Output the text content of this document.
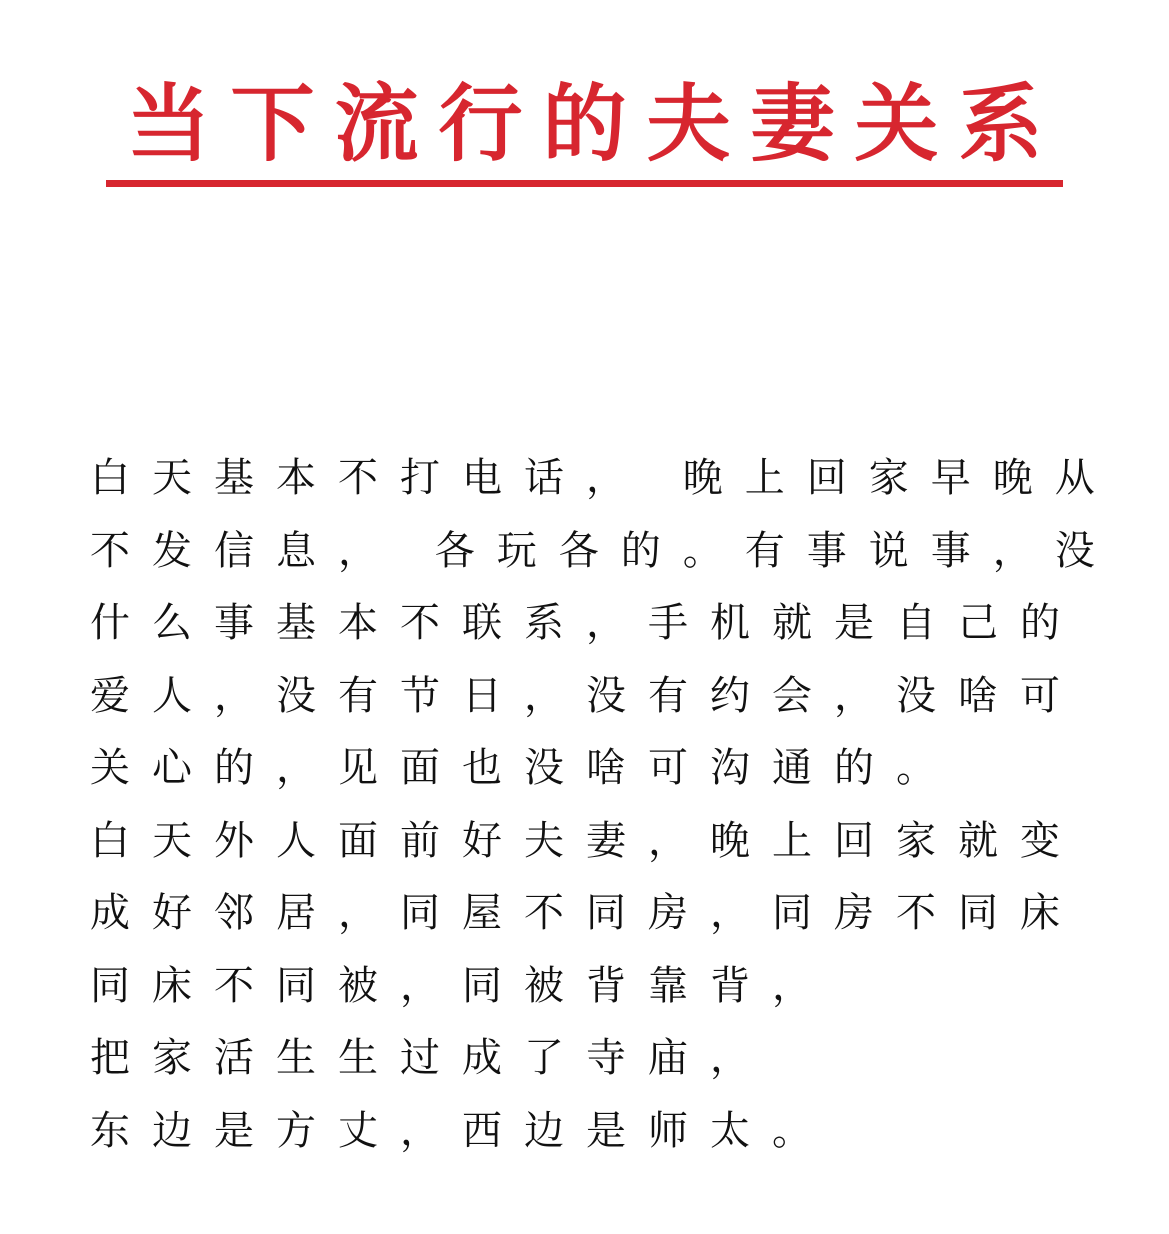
当下流行的夫妻关系
白天基本不打电话， 晚上回家早晚从
不发信息， 各玩各的。有事说事，没
什么事基本不联系，手机就是自己的
爱人，没有节日，没有约会，没啥可
关心的，见面也没啥可沟通的。
白天外人面前好夫妻，晚上回家就变
成好邻居，同屋不同房，同房不同床
同床不同被，同被背靠背，
把家活生生过成了寺庙，
东边是方丈，西边是师太。
